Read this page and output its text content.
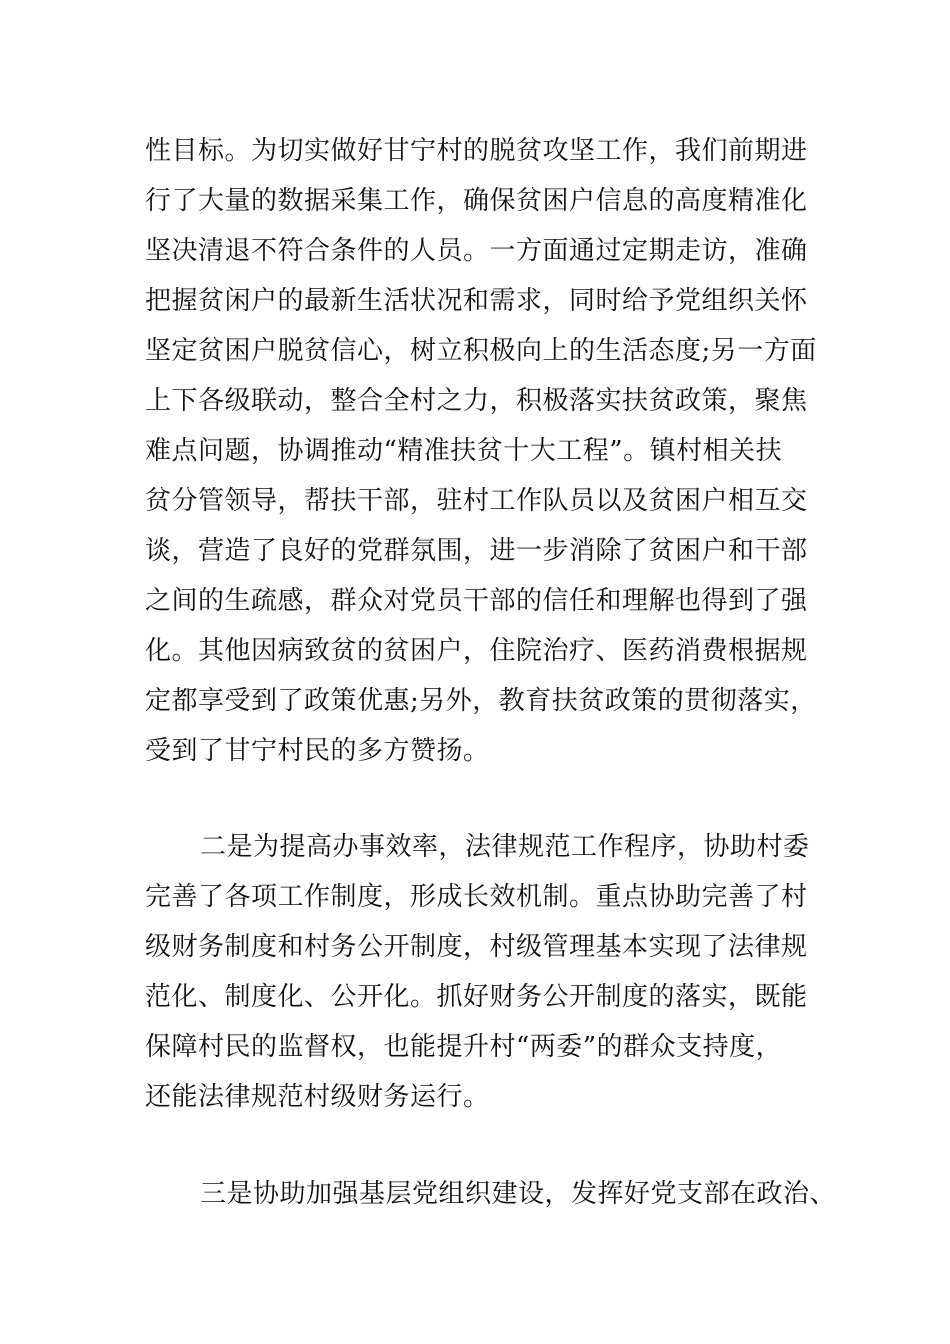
性目标。为切实做好甘宁村的脱贫攻坚工作，我们前期进

行了大量的数据采集工作，确保贫困户信息的高度精准化

坚决清退不符合条件的人员。一方面通过定期走访，准确

把握贫闲户的最新生活状况和需求，同时给予党组织关怀

坚定贫困户脱贫信心，树立积极向上的生活态度;另一方面

上下各级联动，整合全村之力，积极落实扶贫政策，聚焦

难点问题，协调推动“精准扶贫十大工程”。镇村相关扶

贫分管领导，帮扶干部，驻村工作队员以及贫困户相互交

谈，营造了良好的党群氛围，进一步消除了贫困户和干部

之间的生疏感，群众对党员干部的信任和理解也得到了强

化。其他因病致贫的贫困户，住院治疗、医药消费根据规

定都享受到了政策优惠;另外，教育扶贫政策的贯彻落实，

受到了甘宁村民的多方赞扬。

二是为提高办事效率，法律规范工作程序，协助村委

完善了各项工作制度，形成长效机制。重点协助完善了村

级财务制度和村务公开制度，村级管理基本实现了法律规

范化、制度化、公开化。抓好财务公开制度的落实，既能

保障村民的监督权，也能提升村“两委”的群众支持度，

还能法律规范村级财务运行。

三是协助加强基层党组织建设，发挥好党支部在政治、
